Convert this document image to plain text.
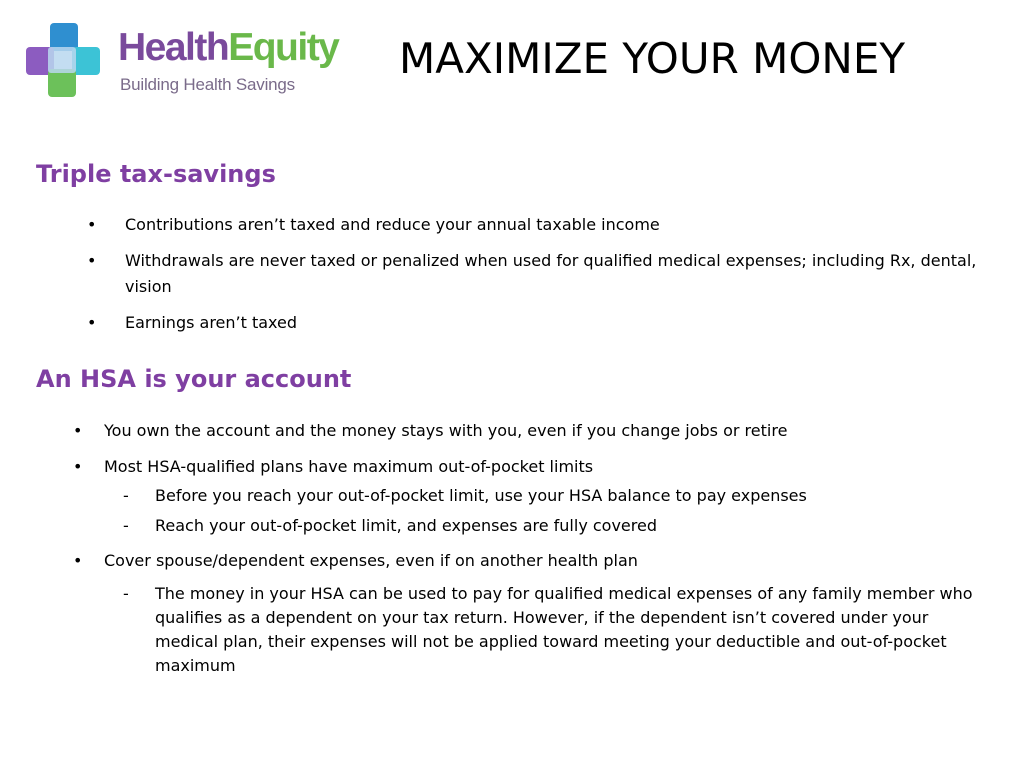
HealthEquity
Building Health Savings
MAXIMIZE YOUR MONEY
Triple tax-savings
• Contributions aren’t taxed and reduce your annual taxable income
• Withdrawals are never taxed or penalized when used for qualified medical expenses; including Rx, dental, vision
• Earnings aren’t taxed
An HSA is your account
• You own the account and the money stays with you, even if you change jobs or retire
• Most HSA-qualified plans have maximum out-of-pocket limits
- Before you reach your out-of-pocket limit, use your HSA balance to pay expenses
- Reach your out-of-pocket limit, and expenses are fully covered
• Cover spouse/dependent expenses, even if on another health plan
- The money in your HSA can be used to pay for qualified medical expenses of any family member who qualifies as a dependent on your tax return. However, if the dependent isn’t covered under your medical plan, their expenses will not be applied toward meeting your deductible and out-of-pocket maximum
